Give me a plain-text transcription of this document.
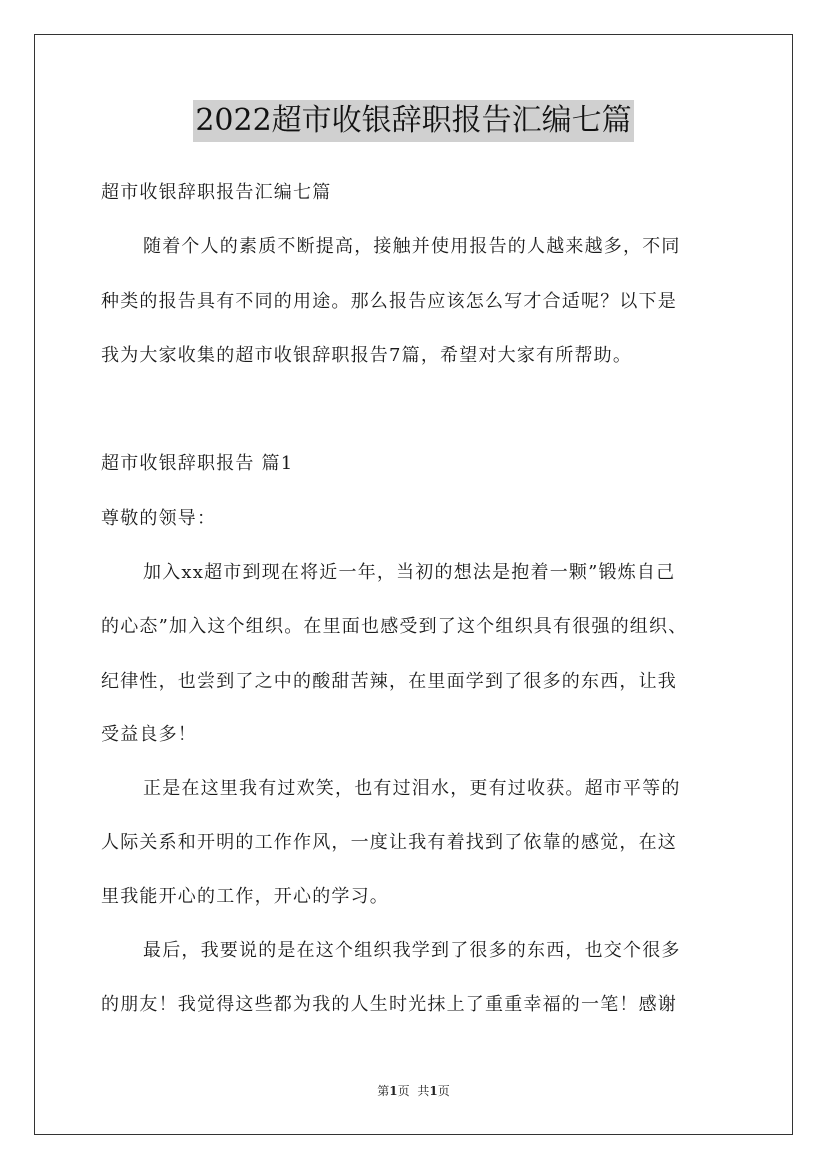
2022超市收银辞职报告汇编七篇
超市收银辞职报告汇编七篇
随着个人的素质不断提高，接触并使用报告的人越来越多，不同
种类的报告具有不同的用途。那么报告应该怎么写才合适呢？以下是
我为大家收集的超市收银辞职报告7篇，希望对大家有所帮助。
超市收银辞职报告 篇1
尊敬的领导：
加入xx超市到现在将近一年，当初的想法是抱着一颗”锻炼自己
的心态”加入这个组织。在里面也感受到了这个组织具有很强的组织、
纪律性，也尝到了之中的酸甜苦辣，在里面学到了很多的东西，让我
受益良多！
正是在这里我有过欢笑，也有过泪水，更有过收获。超市平等的
人际关系和开明的工作作风，一度让我有着找到了依靠的感觉，在这
里我能开心的工作，开心的学习。
最后，我要说的是在这个组织我学到了很多的东西，也交个很多
的朋友！我觉得这些都为我的人生时光抹上了重重幸福的一笔！感谢
第1页 共1页
